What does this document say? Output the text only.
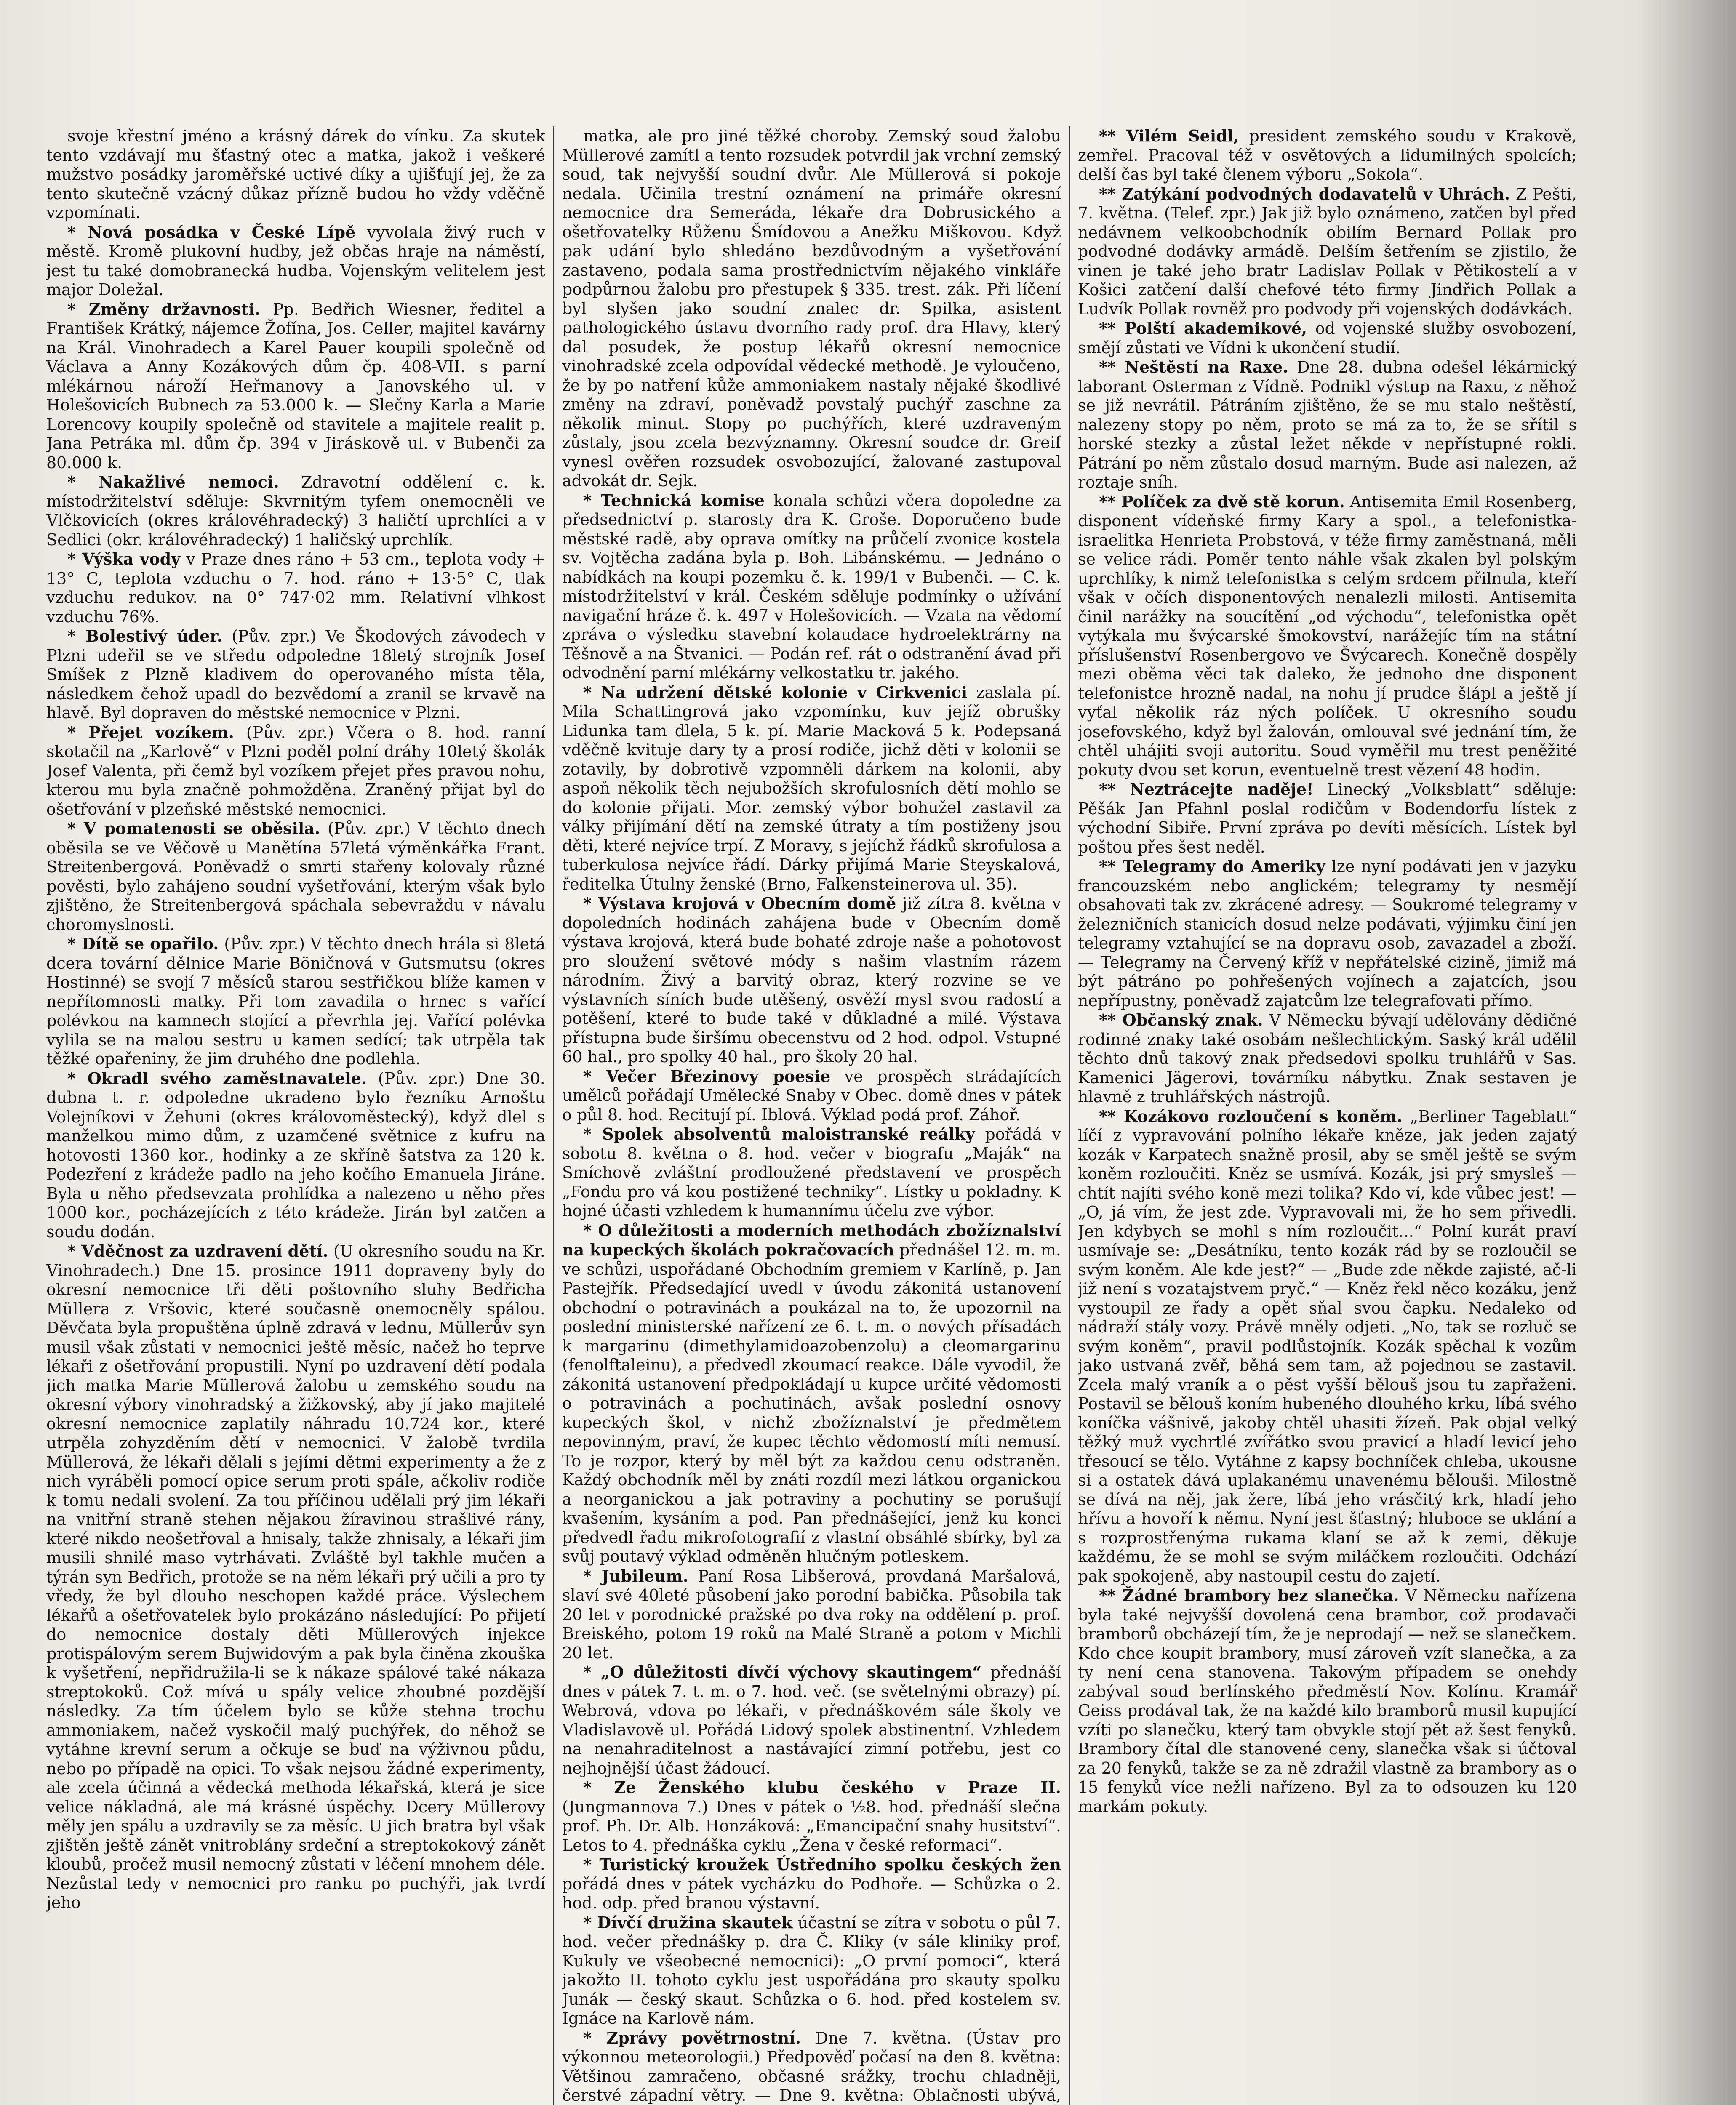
svoje křestní jméno a krásný dárek do vínku. Za skutek tento vzdávají mu šťastný otec a matka, jakož i veškeré mužstvo posádky jaroměřské uctivé díky a ujišťují jej, že za tento skutečně vzácný důkaz přízně budou ho vždy vděčně vzpomínati.

* Nová posádka v České Lípě vyvolala živý ruch v městě. Kromě plukovní hudby, jež občas hraje na náměstí, jest tu také domobranecká hudba. Vojenským velitelem jest major Doležal.

* Změny državnosti. Pp. Bedřich Wiesner, ředitel a František Krátký, nájemce Žofína, Jos. Celler, majitel kavárny na Král. Vinohradech a Karel Pauer koupili společně od Václava a Anny Kozákových dům čp. 408-VII. s parní mlékárnou nároží Heřmanovy a Janovského ul. v Holešovicích Bubnech za 53.000 k. — Slečny Karla a Marie Lorencovy koupily společně od stavitele a majitele realit p. Jana Petráka ml. dům čp. 394 v Jiráskově ul. v Bubenči za 80.000 k.

* Nakažlivé nemoci. Zdravotní oddělení c. k. místodržitelství sděluje: Skvrnitým tyfem onemocněli ve Vlčkovicích (okres královéhradecký) 3 haličtí uprchlíci a v Sedlici (okr. královéhradecký) 1 haličský uprchlík.

* Výška vody v Praze dnes ráno + 53 cm., teplota vody + 13° C, teplota vzduchu o 7. hod. ráno + 13·5° C, tlak vzduchu redukov. na 0° 747·02 mm. Relativní vlhkost vzduchu 76%.

* Bolestivý úder. (Pův. zpr.) Ve Škodových závodech v Plzni udeřil se ve středu odpoledne 18letý strojník Josef Smíšek z Plzně kladivem do operovaného místa těla, následkem čehož upadl do bezvědomí a zranil se krvavě na hlavě. Byl dopraven do městské nemocnice v Plzni.

* Přejet vozíkem. (Pův. zpr.) Včera o 8. hod. ranní skotačil na „Karlově“ v Plzni poděl polní dráhy 10letý školák Josef Valenta, při čemž byl vozíkem přejet přes pravou nohu, kterou mu byla značně pohmožděna. Zraněný přijat byl do ošetřování v plzeňské městské nemocnici.

* V pomatenosti se oběsila. (Pův. zpr.) V těchto dnech oběsila se ve Věčově u Manětína 57letá výměnkářka Frant. Streitenbergová. Poněvadž o smrti stařeny kolovaly různé pověsti, bylo zahájeno soudní vyšetřování, kterým však bylo zjištěno, že Streitenbergová spáchala sebevraždu v návalu choromyslnosti.

* Dítě se opařilo. (Pův. zpr.) V těchto dnech hrála si 8letá dcera tovární dělnice Marie Böničnová v Gutsmutsu (okres Hostinné) se svojí 7 měsíců starou sestřičkou blíže kamen v nepřítomnosti matky. Při tom zavadila o hrnec s vařící polévkou na kamnech stojící a převrhla jej. Vařící polévka vylila se na malou sestru u kamen sedící; tak utrpěla tak těžké opařeniny, že jim druhého dne podlehla.

* Okradl svého zaměstnavatele. (Pův. zpr.) Dne 30. dubna t. r. odpoledne ukradeno bylo řezníku Arnoštu Volejníkovi v Žehuni (okres královoměstecký), když dlel s manželkou mimo dům, z uzamčené světnice z kufru na hotovosti 1360 kor., hodinky a ze skříně šatstva za 120 k. Podezření z krádeže padlo na jeho kočího Emanuela Jiráne. Byla u něho předsevzata prohlídka a nalezeno u něho přes 1000 kor., pocházejících z této krádeže. Jirán byl zatčen a soudu dodán.

* Vděčnost za uzdravení dětí. (U okresního soudu na Kr. Vinohradech.) Dne 15. prosince 1911 dopraveny byly do okresní nemocnice tři děti poštovního sluhy Bedřicha Müllera z Vršovic, které současně onemocněly spálou. Děvčata byla propuštěna úplně zdravá v lednu, Müllerův syn musil však zůstati v nemocnici ještě měsíc, načež ho teprve lékaři z ošetřování propustili. Nyní po uzdravení dětí podala jich matka Marie Müllerová žalobu u zemského soudu na okresní výbory vinohradský a žižkovský, aby jí jako majitelé okresní nemocnice zaplatily náhradu 10.724 kor., které utrpěla zohyzděním dětí v nemocnici. V žalobě tvrdila Müllerová, že lékaři dělali s jejími dětmi experimenty a že z nich vyráběli pomocí opice serum proti spále, ačkoliv rodiče k tomu nedali svolení. Za tou příčinou udělali prý jim lékaři na vnitřní straně stehen nějakou žíravinou strašlivé rány, které nikdo neošetřoval a hnisaly, takže zhnisaly, a lékaři jim musili shnilé maso vytrhávati. Zvláště byl takhle mučen a týrán syn Bedřich, protože se na něm lékaři prý učili a pro ty vředy, že byl dlouho neschopen každé práce. Výslechem lékařů a ošetřovatelek bylo prokázáno následující: Po přijetí do nemocnice dostaly děti Müllerových injekce protispálovým serem Bujwidovým a pak byla činěna zkouška k vyšetření, nepřidružila-li se k nákaze spálové také nákaza streptokoků. Což mívá u spály velice zhoubné pozdější následky. Za tím účelem bylo se kůže stehna trochu ammoniakem, načež vyskočil malý puchýřek, do něhož se vytáhne krevní serum a očkuje se buď na výživnou půdu, nebo po případě na opici. To však nejsou žádné experimenty, ale zcela účinná a vědecká methoda lékařská, která je sice velice nákladná, ale má krásné úspěchy. Dcery Müllerovy měly jen spálu a uzdravily se za měsíc. U jich bratra byl však zjištěn ještě zánět vnitroblány srdeční a streptokokový zánět kloubů, pročež musil nemocný zůstati v léčení mnohem déle. Nezůstal tedy v nemocnici pro ranku po puchýři, jak tvrdí jeho

matka, ale pro jiné těžké choroby. Zemský soud žalobu Müllerové zamítl a tento rozsudek potvrdil jak vrchní zemský soud, tak nejvyšší soudní dvůr. Ale Müllerová si pokoje nedala. Učinila trestní oznámení na primáře okresní nemocnice dra Semeráda, lékaře dra Dobrusického a ošetřovatelky Růženu Šmídovou a Anežku Miškovou. Když pak udání bylo shledáno bezdůvodným a vyšetřování zastaveno, podala sama prostřednictvím nějakého vinkláře podpůrnou žalobu pro přestupek § 335. trest. zák. Při líčení byl slyšen jako soudní znalec dr. Spilka, asistent pathologického ústavu dvorního rady prof. dra Hlavy, který dal posudek, že postup lékařů okresní nemocnice vinohradské zcela odpovídal vědecké methodě. Je vyloučeno, že by po natření kůže ammoniakem nastaly nějaké škodlivé změny na zdraví, poněvadž povstalý puchýř zaschne za několik minut. Stopy po puchýřích, které uzdraveným zůstaly, jsou zcela bezvýznamny. Okresní soudce dr. Greif vynesl ověřen rozsudek osvobozující, žalované zastupoval advokát dr. Sejk.

* Technická komise konala schůzi včera dopoledne za předsednictví p. starosty dra K. Groše. Doporučeno bude městské radě, aby oprava omítky na průčelí zvonice kostela sv. Vojtěcha zadána byla p. Boh. Libánskému. — Jednáno o nabídkách na koupi pozemku č. k. 199/1 v Bubenči. — C. k. místodržitelství v král. Českém sděluje podmínky o užívání navigační hráze č. k. 497 v Holešovicích. — Vzata na vědomí zpráva o výsledku stavební kolaudace hydroelektrárny na Těšnově a na Štvanici. — Podán ref. rát o odstranění ávad při odvodnění parní mlékárny velkostatku tr. jakého.

* Na udržení dětské kolonie v Cirkvenici zaslala pí. Mila Schattingrová jako vzpomínku, kuv jejíž obrušky Lidunka tam dlela, 5 k. pí. Marie Macková 5 k. Podepsaná vděčně kvituje dary ty a prosí rodiče, jichž děti v kolonii se zotavily, by dobrotivě vzpomněli dárkem na kolonii, aby aspoň několik těch nejubožších skrofulosních dětí mohlo se do kolonie přijati. Mor. zemský výbor bohužel zastavil za války přijímání dětí na zemské útraty a tím postiženy jsou děti, které nejvíce trpí. Z Moravy, s jejíchž řádků skrofulosa a tuberkulosa nejvíce řádí. Dárky přijímá Marie Steyskalová, ředitelka Útulny ženské (Brno, Falkensteinerova ul. 35).

* Výstava krojová v Obecním domě již zítra 8. května v dopoledních hodinách zahájena bude v Obecním domě výstava krojová, která bude bohaté zdroje naše a pohotovost pro sloužení světové módy s našim vlastním rázem národním. Živý a barvitý obraz, který rozvine se ve výstavních síních bude utěšený, osvěží mysl svou radostí a potěšení, které to bude také v důkladné a milé. Výstava přístupna bude širšímu obecenstvu od 2 hod. odpol. Vstupné 60 hal., pro spolky 40 hal., pro školy 20 hal.

* Večer Březinovy poesie ve prospěch strádajících umělců pořádají Umělecké Snaby v Obec. domě dnes v pátek o půl 8. hod. Recitují pí. Iblová. Výklad podá prof. Záhoř.

* Spolek absolventů maloistranské reálky pořádá v sobotu 8. května o 8. hod. večer v biografu „Maják“ na Smíchově zvláštní prodloužené představení ve prospěch „Fondu pro vá kou postižené techniky“. Lístky u pokladny. K hojné účasti vzhledem k humannímu účelu zve výbor.

* O důležitosti a moderních methodách zbožíznalství na kupeckých školách pokračovacích přednášel 12. m. m. ve schůzi, uspořádané Obchodním gremiem v Karlíně, p. Jan Pastejřík. Předsedající uvedl v úvodu zákonitá ustanovení obchodní o potravinách a poukázal na to, že upozornil na poslední ministerské nařízení ze 6. t. m. o nových přísadách k margarinu (dimethylamidoazobenzolu) a cleomargarinu (fenolftaleinu), a předvedl zkoumací reakce. Dále vyvodil, že zákonitá ustanovení předpokládají u kupce určité vědomosti o potravinách a pochutinách, avšak poslední osnovy kupeckých škol, v nichž zbožíznalství je předmětem nepovinným, praví, že kupec těchto vědomostí míti nemusí. To je rozpor, který by měl být za každou cenu odstraněn. Každý obchodník měl by znáti rozdíl mezi látkou organickou a neorganickou a jak potraviny a pochutiny se porušují kvašením, kysáním a pod. Pan přednášející, jenž ku konci předvedl řadu mikrofotografií z vlastní obsáhlé sbírky, byl za svůj poutavý výklad odměněn hlučným potleskem.

* Jubileum. Paní Rosa Libšerová, provdaná Maršalová, slaví své 40leté působení jako porodní babička. Působila tak 20 let v porodnické pražské po dva roky na oddělení p. prof. Breiského, potom 19 roků na Malé Straně a potom v Michli 20 let.

* „O důležitosti dívčí výchovy skautingem“ přednáší dnes v pátek 7. t. m. o 7. hod. več. (se světelnými obrazy) pí. Webrová, vdova po lékaři, v přednáškovém sále školy ve Vladislavově ul. Pořádá Lidový spolek abstinentní. Vzhledem na nenahraditelnost a nastávající zimní potřebu, jest co nejhojnější účast žádoucí.

* Ze Ženského klubu českého v Praze II. (Jungmannova 7.) Dnes v pátek o ½8. hod. přednáší slečna prof. Ph. Dr. Alb. Honzáková: „Emancipační snahy husitství“. Letos to 4. přednáška cyklu „Žena v české reformaci“.

* Turistický kroužek Ústředního spolku českých žen pořádá dnes v pátek vycházku do Podhoře. — Schůzka o 2. hod. odp. před branou výstavní.

* Dívčí družina skautek účastní se zítra v sobotu o půl 7. hod. večer přednášky p. dra Č. Kliky (v sále kliniky prof. Kukuly ve všeobecné nemocnici): „O první pomoci“, která jakožto II. tohoto cyklu jest uspořádána pro skauty spolku Junák — český skaut. Schůzka o 6. hod. před kostelem sv. Ignáce na Karlově nám.

* Zprávy povětrnostní. Dne 7. května. (Ústav pro výkonnou meteorologii.) Předpověď počasí na den 8. května: Většinou zamračeno, občasné srážky, trochu chladněji, čerstvé západní větry. — Dne 9. května: Oblačnosti ubývá,

** Vilém Seidl, president zemského soudu v Krakově, zemřel. Pracoval též v osvětových a lidumilných spolcích; delší čas byl také členem výboru „Sokola“.

** Zatýkání podvodných dodavatelů v Uhrách. Z Pešti, 7. května. (Telef. zpr.) Jak již bylo oznámeno, zatčen byl před nedávnem velkoobchodník obilím Bernard Pollak pro podvodné dodávky armádě. Delším šetřením se zjistilo, že vinen je také jeho bratr Ladislav Pollak v Pětikostelí a v Košici zatčení další chefové této firmy Jindřich Pollak a Ludvík Pollak rovněž pro podvody při vojenských dodávkách.

** Polští akademikové, od vojenské služby osvobození, smějí zůstati ve Vídni k ukončení studií.

** Neštěstí na Raxe. Dne 28. dubna odešel lékárnický laborant Osterman z Vídně. Podnikl výstup na Raxu, z něhož se již nevrátil. Pátráním zjištěno, že se mu stalo neštěstí, nalezeny stopy po něm, proto se má za to, že se sřítil s horské stezky a zůstal ležet někde v nepřístupné rokli. Pátrání po něm zůstalo dosud marným. Bude asi nalezen, až roztaje sníh.

** Políček za dvě stě korun. Antisemita Emil Rosenberg, disponent vídeňské firmy Kary a spol., a telefonistka-israelitka Henrieta Probstová, v téže firmy zaměstnaná, měli se velice rádi. Poměr tento náhle však zkalen byl polským uprchlíky, k nimž telefonistka s celým srdcem přilnula, kteří však v očích disponentových nenalezli milosti. Antisemita činil narážky na soucítění „od východu“, telefonistka opět vytýkala mu švýcarské šmokovství, narážejíc tím na státní příslušenství Rosenbergovo ve Švýcarech. Konečně dospěly mezi oběma věci tak daleko, že jednoho dne disponent telefonistce hrozně nadal, na nohu jí prudce šlápl a ještě jí vyťal několik ráz ných políček. U okresního soudu josefovského, když byl žalován, omlouval své jednání tím, že chtěl uhájiti svoji autoritu. Soud vyměřil mu trest peněžité pokuty dvou set korun, eventuelně trest vězení 48 hodin.

** Neztrácejte naděje! Linecký „Volksblatt“ sděluje: Pěšák Jan Pfahnl poslal rodičům v Bodendorfu lístek z východní Sibiře. První zpráva po devíti měsících. Lístek byl poštou přes šest neděl.

** Telegramy do Ameriky lze nyní podávati jen v jazyku francouzském nebo anglickém; telegramy ty nesmějí obsahovati tak zv. zkrácené adresy. — Soukromé telegramy v železničních stanicích dosud nelze podávati, výjimku činí jen telegramy vztahující se na dopravu osob, zavazadel a zboží. — Telegramy na Červený kříž v nepřátelské cizině, jimiž má být pátráno po pohřešených vojínech a zajatcích, jsou nepřípustny, poněvadž zajatcům lze telegrafovati přímo.

** Občanský znak. V Německu bývají udělovány dědičné rodinné znaky také osobám nešlechtickým. Saský král udělil těchto dnů takový znak předsedovi spolku truhlářů v Sas. Kamenici Jägerovi, továrníku nábytku. Znak sestaven je hlavně z truhlářských nástrojů.

** Kozákovo rozloučení s koněm. „Berliner Tageblatt“ líčí z vypravování polního lékaře knězе, jak jeden zajatý kozák v Karpatech snažně prosil, aby se směl ještě se svým koněm rozloučiti. Kněz se usmívá. Kozák, jsi prý smysleš — chtít najíti svého koně mezi tolika? Kdo ví, kde vůbec jest! — „O, já vím, že jest zde. Vypravovali mi, že ho sem přivedli. Jen kdybych se mohl s ním rozloučit...“ Polní kurát praví usmívaje se: „Desátníku, tento kozák rád by se rozloučil se svým koněm. Ale kde jest?“ — „Bude zde někde zajisté, ač-li již není s vozatajstvem pryč.“ — Kněz řekl něco kozáku, jenž vystoupil ze řady a opět sňal svou čapku. Nedaleko od nádraží stály vozy. Právě mněly odjeti. „No, tak se rozluč se svým koněm“, pravil podlůstojník. Kozák spěchal k vozům jako ustvaná zvěř, běhá sem tam, až pojednou se zastavil. Zcela malý vraník a o pěst vyšší bělouš jsou tu zapřaženi. Postavil se bělouš koním hubeného dlouhého krku, líbá svého koníčka vášnivě, jakoby chtěl uhasiti žízeň. Pak objal velký těžký muž vychrtlé zvířátko svou pravicí a hladí levicí jeho třesoucí se tělo. Vytáhne z kapsy bochníček chleba, ukousne si a ostatek dává uplakanému unavenému bělouši. Milostně se dívá na něj, jak žere, líbá jeho vrásčitý krk, hladí jeho hřívu a hovoří k němu. Nyní jest šťastný; hluboce se uklání a s rozprostřenýma rukama klaní se až k zemi, děkuje každému, že se mohl se svým miláčkem rozloučiti. Odchází pak spokojeně, aby nastoupil cestu do zajetí.

** Žádné brambory bez slanečka. V Německu nařízena byla také nejvyšší dovolená cena brambor, což prodavači bramborů obcházejí tím, že je neprodají — než se slanečkem. Kdo chce koupit brambory, musí zároveň vzít slanečka, a za ty není cena stanovena. Takovým případem se onehdy zabýval soud berlínského předměstí Nov. Kolínu. Kramář Geiss prodával tak, že na každé kilo bramborů musil kupující vzíti po slanečku, který tam obvykle stojí pět až šest fenyků. Brambory čítal dle stanovené ceny, slanečka však si účtoval za 20 fenyků, takže se za ně zdražil vlastně za brambory as o 15 fenyků více nežli nařízeno. Byl za to odsouzen ku 120 markám pokuty.
